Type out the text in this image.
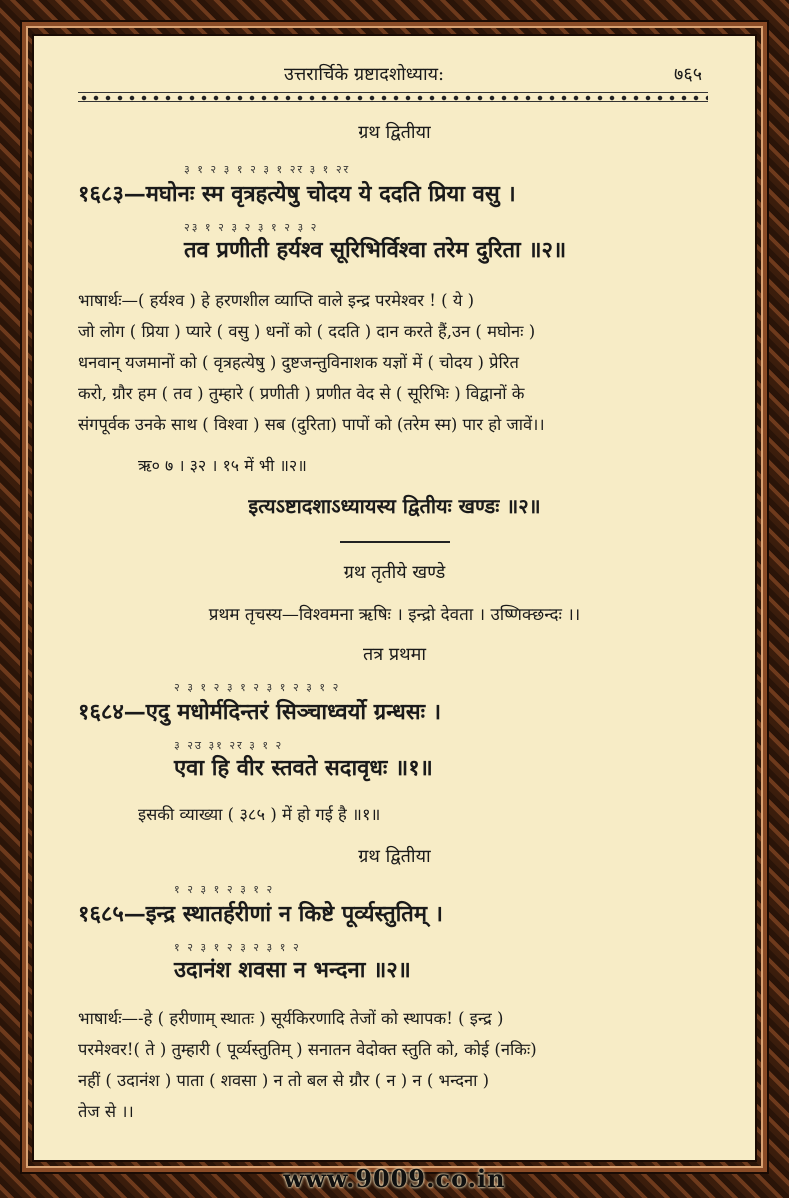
उत्तरार्चिके ग्रष्टादशोध्याय:	७६५
ग्रथ द्वितीया
३ १ २ ३ १ २ ३ १ २र ३ १ २र
१६८३—मघोनः स्म वृत्रहत्येषु चोदय ये ददति प्रिया वसु ।
२३ १ २ ३ २ ३ १ २ ३ २
तव प्रणीती हर्यश्व सूरिभिर्विश्वा तरेम दुरिता ॥२॥
भाषार्थः—( हर्यश्व ) हे हरणशील व्याप्ति वाले इन्द्र परमेश्वर ! ( ये )
जो लोग ( प्रिया ) प्यारे ( वसु ) धनों को ( ददति ) दान करते हैं,उन ( मघोनः )
धनवान् यजमानों को ( वृत्रहत्येषु ) दुष्टजन्तुविनाशक यज्ञों में ( चोदय ) प्रेरित
करो, ग्रौर हम ( तव ) तुम्हारे ( प्रणीती ) प्रणीत वेद से ( सूरिभिः ) विद्वानों के
संगपूर्वक उनके साथ ( विश्वा ) सब (दुरिता) पापों को (तरेम स्म) पार हो जावें।।
ऋ० ७ । ३२ । १५ में भी ॥२॥
इत्यऽष्टादशाऽध्यायस्य द्वितीयः खण्डः ॥२॥
ग्रथ तृतीये खण्डे
प्रथम तृचस्य—विश्वमना ऋषिः । इन्द्रो देवता । उष्णिक्छन्दः ।।
तत्र प्रथमा
२ ३ १ २ ३ १ २ ३ १ २ ३ १ २
१६८४—एदु मधोर्मदिन्तरं सिञ्चाध्वर्यो ग्रन्धसः ।
३ २उ ३१ २र ३ १ २
एवा हि वीर स्तवते सदावृधः ॥१॥
इसकी व्याख्या ( ३८५ ) में हो गई है ॥१॥
ग्रथ द्वितीया
१ २ ३ १ २ ३ १ २
१६८५—इन्द्र स्थातर्हरीणां न किष्टे पूर्व्यस्तुतिम् ।
१ २ ३ १ २ ३ २ ३ १ २
उदानंश शवसा न भन्दना ॥२॥
भाषार्थः—-हे ( हरीणाम् स्थातः ) सूर्यकिरणादि तेजों को स्थापक! ( इन्द्र )
परमेश्वर!( ते ) तुम्हारी ( पूर्व्यस्तुतिम् ) सनातन वेदोक्त स्तुति को, कोई (नकिः)
नहीं ( उदानंश ) पाता ( शवसा ) न तो बल से ग्रौर ( न ) न ( भन्दना )
तेज से ।।
www.9009.co.in
